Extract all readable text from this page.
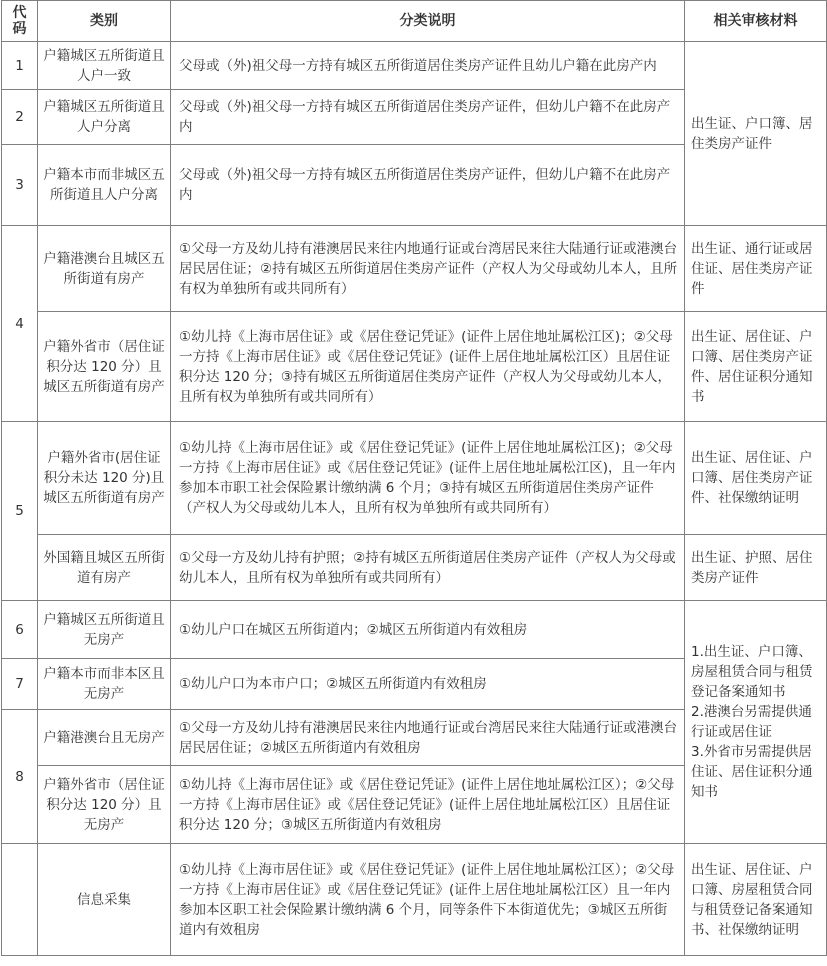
代
码	类别	分类说明	相关审核材料
1	户籍城区五所街道且人户一致	父母或（外)祖父母一方持有城区五所街道居住类房产证件且幼儿户籍在此房产内	出生证、户口簿、居住类房产证件
2	户籍城区五所街道且人户分离	父母或（外)祖父母一方持有城区五所街道居住类房产证件，但幼儿户籍不在此房产内	
3	户籍本市而非城区五所街道且人户分离	父母或（外)祖父母一方持有城区五所街道居住类房产证件，但幼儿户籍不在此房产内	
4	户籍港澳台且城区五所街道有房产	①父母一方及幼儿持有港澳居民来往内地通行证或台湾居民来往大陆通行证或港澳台居民居住证；②持有城区五所街道居住类房产证件（产权人为父母或幼儿本人，且所有权为单独所有或共同所有）	出生证、通行证或居住证、居住类房产证件
	户籍外省市（居住证积分达 120 分）且城区五所街道有房产	①幼儿持《上海市居住证》或《居住登记凭证》(证件上居住地址属松江区)；②父母一方持《上海市居住证》或《居住登记凭证》(证件上居住地址属松江区）且居住证积分达 120 分；③持有城区五所街道居住类房产证件（产权人为父母或幼儿本人，且所有权为单独所有或共同所有）	出生证、居住证、户口簿、居住类房产证件、居住证积分通知书
5	户籍外省市(居住证积分未达 120 分)且城区五所街道有房产	①幼儿持《上海市居住证》或《居住登记凭证》(证件上居住地址属松江区)；②父母一方持《上海市居住证》或《居住登记凭证》(证件上居住地址属松江区)，且一年内参加本市职工社会保险累计缴纳满 6 个月；③持有城区五所街道居住类房产证件（产权人为父母或幼儿本人，且所有权为单独所有或共同所有）	出生证、居住证、户口簿、居住类房产证件、社保缴纳证明
	外国籍且城区五所街道有房产	①父母一方及幼儿持有护照；②持有城区五所街道居住类房产证件（产权人为父母或幼儿本人，且所有权为单独所有或共同所有）	出生证、护照、居住类房产证件
6	户籍城区五所街道且无房产	①幼儿户口在城区五所街道内；②城区五所街道内有效租房	1.出生证、户口簿、房屋租赁合同与租赁登记备案通知书
2.港澳台另需提供通行证或居住证
3.外省市另需提供居住证、居住证积分通知书
7	户籍本市而非本区且无房产	①幼儿户口为本市户口；②城区五所街道内有效租房	
8	户籍港澳台且无房产	①父母一方及幼儿持有港澳居民来往内地通行证或台湾居民来往大陆通行证或港澳台居民居住证；②城区五所街道内有效租房	
	户籍外省市（居住证积分达 120 分）且无房产	①幼儿持《上海市居住证》或《居住登记凭证》(证件上居住地址属松江区）；②父母一方持《上海市居住证》或《居住登记凭证》(证件上居住地址属松江区）且居住证积分达 120 分；③城区五所街道内有效租房	
	信息采集	①幼儿持《上海市居住证》或《居住登记凭证》(证件上居住地址属松江区）；②父母一方持《上海市居住证》或《居住登记凭证》(证件上居住地址属松江区）且一年内参加本区职工社会保险累计缴纳满 6 个月，同等条件下本街道优先；③城区五所街道内有效租房	出生证、居住证、户口簿、房屋租赁合同与租赁登记备案通知书、社保缴纳证明
